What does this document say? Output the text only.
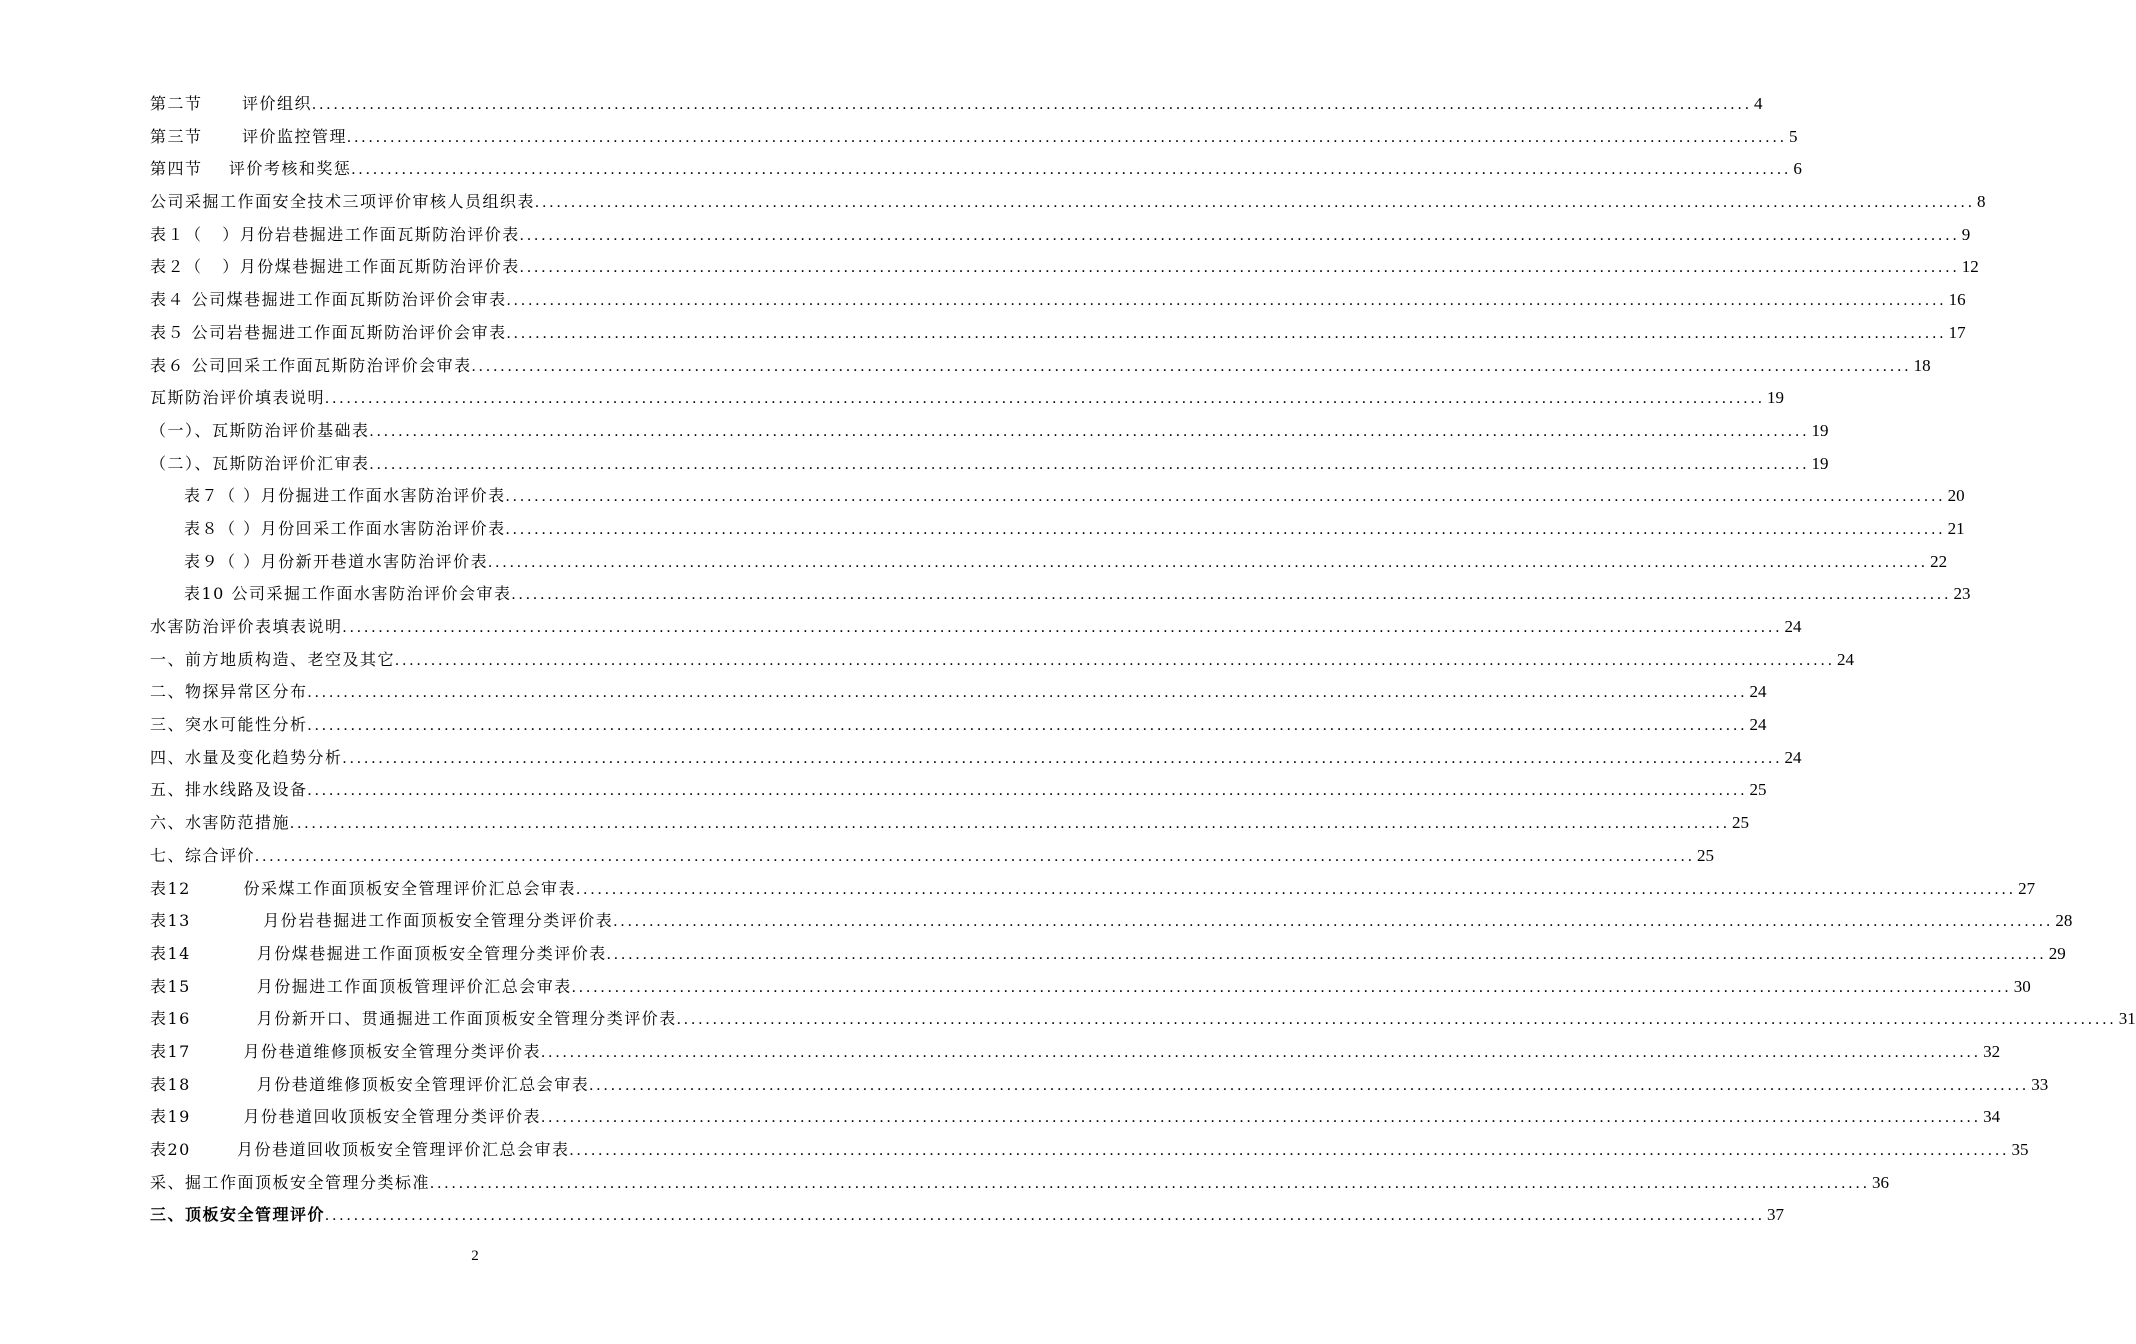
第二节      评价组织 ........................................................................................................................................................................................................ 4
第三节      评价监控管理 ........................................................................................................................................................................................................ 5
第四节    评价考核和奖惩 ........................................................................................................................................................................................................ 6
公司采掘工作面安全技术三项评价审核人员组织表 ........................................................................................................................................................................................................ 8
表１（   ）月份岩巷掘进工作面瓦斯防治评价表 ........................................................................................................................................................................................................ 9
表２（   ）月份煤巷掘进工作面瓦斯防治评价表 ........................................................................................................................................................................................................ 12
表４ 公司煤巷掘进工作面瓦斯防治评价会审表 ........................................................................................................................................................................................................ 16
表５ 公司岩巷掘进工作面瓦斯防治评价会审表 ........................................................................................................................................................................................................ 17
表６ 公司回采工作面瓦斯防治评价会审表 ........................................................................................................................................................................................................ 18
瓦斯防治评价填表说明 ........................................................................................................................................................................................................ 19
（一）、瓦斯防治评价基础表 ........................................................................................................................................................................................................ 19
（二）、瓦斯防治评价汇审表 ........................................................................................................................................................................................................ 19
表７（ ）月份掘进工作面水害防治评价表 ........................................................................................................................................................................................................ 20
表８（ ）月份回采工作面水害防治评价表 ........................................................................................................................................................................................................ 21
表９（ ）月份新开巷道水害防治评价表 ........................................................................................................................................................................................................ 22
表10 公司采掘工作面水害防治评价会审表 ........................................................................................................................................................................................................ 23
水害防治评价表填表说明 ........................................................................................................................................................................................................ 24
一、前方地质构造、老空及其它 ........................................................................................................................................................................................................ 24
二、物探异常区分布 ........................................................................................................................................................................................................ 24
三、突水可能性分析 ........................................................................................................................................................................................................ 24
四、水量及变化趋势分析 ........................................................................................................................................................................................................ 24
五、排水线路及设备 ........................................................................................................................................................................................................ 25
六、水害防范措施 ........................................................................................................................................................................................................ 25
七、综合评价 ........................................................................................................................................................................................................ 25
表12        份采煤工作面顶板安全管理评价汇总会审表 ........................................................................................................................................................................................................ 27
表13           月份岩巷掘进工作面顶板安全管理分类评价表 ........................................................................................................................................................................................................ 28
表14          月份煤巷掘进工作面顶板安全管理分类评价表 ........................................................................................................................................................................................................ 29
表15          月份掘进工作面顶板管理评价汇总会审表 ........................................................................................................................................................................................................ 30
表16          月份新开口、贯通掘进工作面顶板安全管理分类评价表 ........................................................................................................................................................................................................ 31
表17        月份巷道维修顶板安全管理分类评价表 ........................................................................................................................................................................................................ 32
表18          月份巷道维修顶板安全管理评价汇总会审表 ........................................................................................................................................................................................................ 33
表19        月份巷道回收顶板安全管理分类评价表 ........................................................................................................................................................................................................ 34
表20       月份巷道回收顶板安全管理评价汇总会审表 ........................................................................................................................................................................................................ 35
采、掘工作面顶板安全管理分类标准 ........................................................................................................................................................................................................ 36
三、顶板安全管理评价 ........................................................................................................................................................................................................ 37
2
